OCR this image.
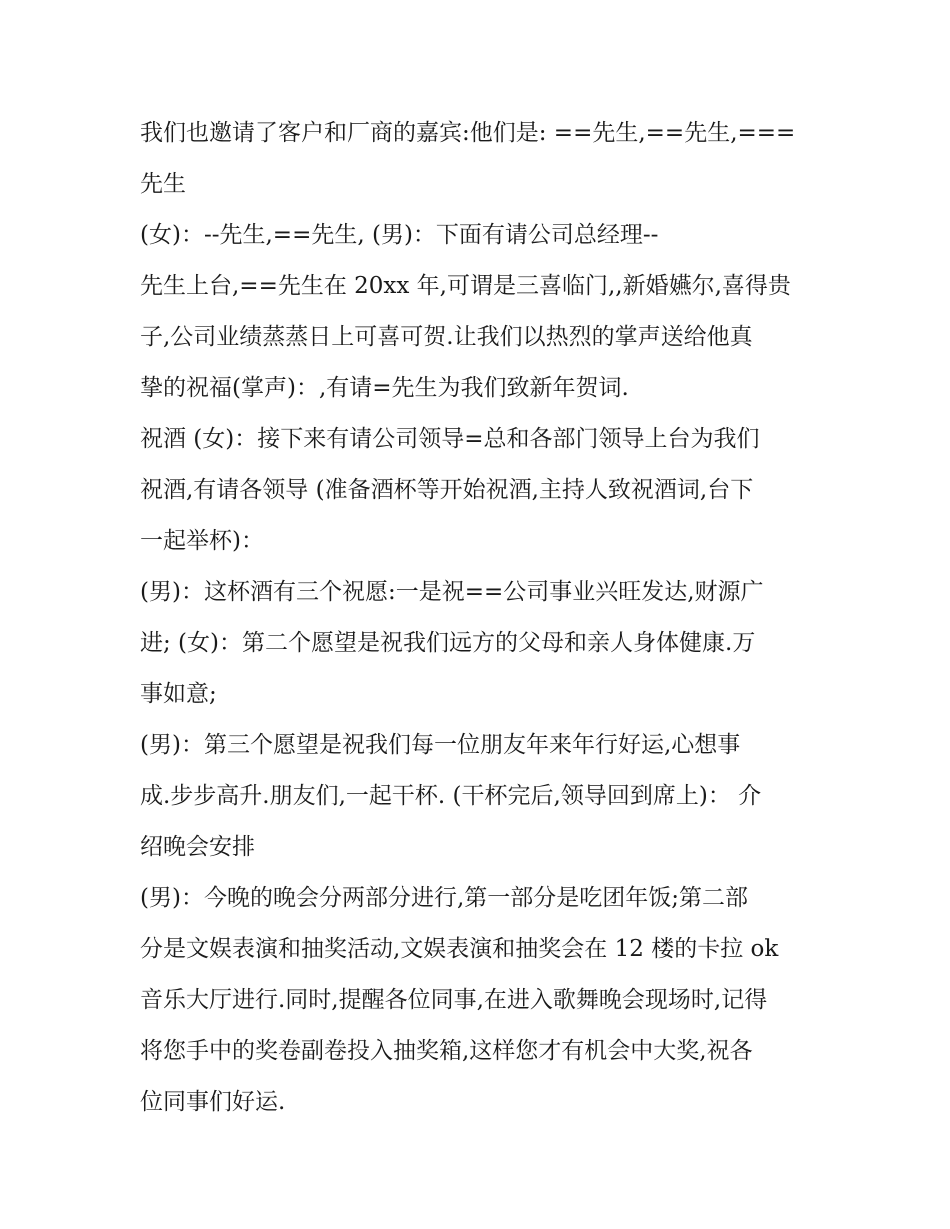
我们也邀请了客户和厂商的嘉宾:他们是: ==先生,==先生,===
先生
(女)：--先生,==先生, (男)：下面有请公司总经理--
先生上台,==先生在 20xx 年,可谓是三喜临门,,新婚嬿尔,喜得贵
子,公司业绩蒸蒸日上可喜可贺.让我们以热烈的掌声送给他真
挚的祝福(掌声)：,有请=先生为我们致新年贺词.
祝酒 (女)：接下来有请公司领导=总和各部门领导上台为我们
祝酒,有请各领导 (准备酒杯等开始祝酒,主持人致祝酒词,台下
一起举杯)：
(男)：这杯酒有三个祝愿:一是祝==公司事业兴旺发达,财源广
进; (女)：第二个愿望是祝我们远方的父母和亲人身体健康.万
事如意;
(男)：第三个愿望是祝我们每一位朋友年来年行好运,心想事
成.步步高升.朋友们,一起干杯. (干杯完后,领导回到席上)： 介
绍晚会安排
(男)：今晚的晚会分两部分进行,第一部分是吃团年饭;第二部
分是文娱表演和抽奖活动,文娱表演和抽奖会在 12 楼的卡拉 ok
音乐大厅进行.同时,提醒各位同事,在进入歌舞晚会现场时,记得
将您手中的奖卷副卷投入抽奖箱,这样您才有机会中大奖,祝各
位同事们好运.
